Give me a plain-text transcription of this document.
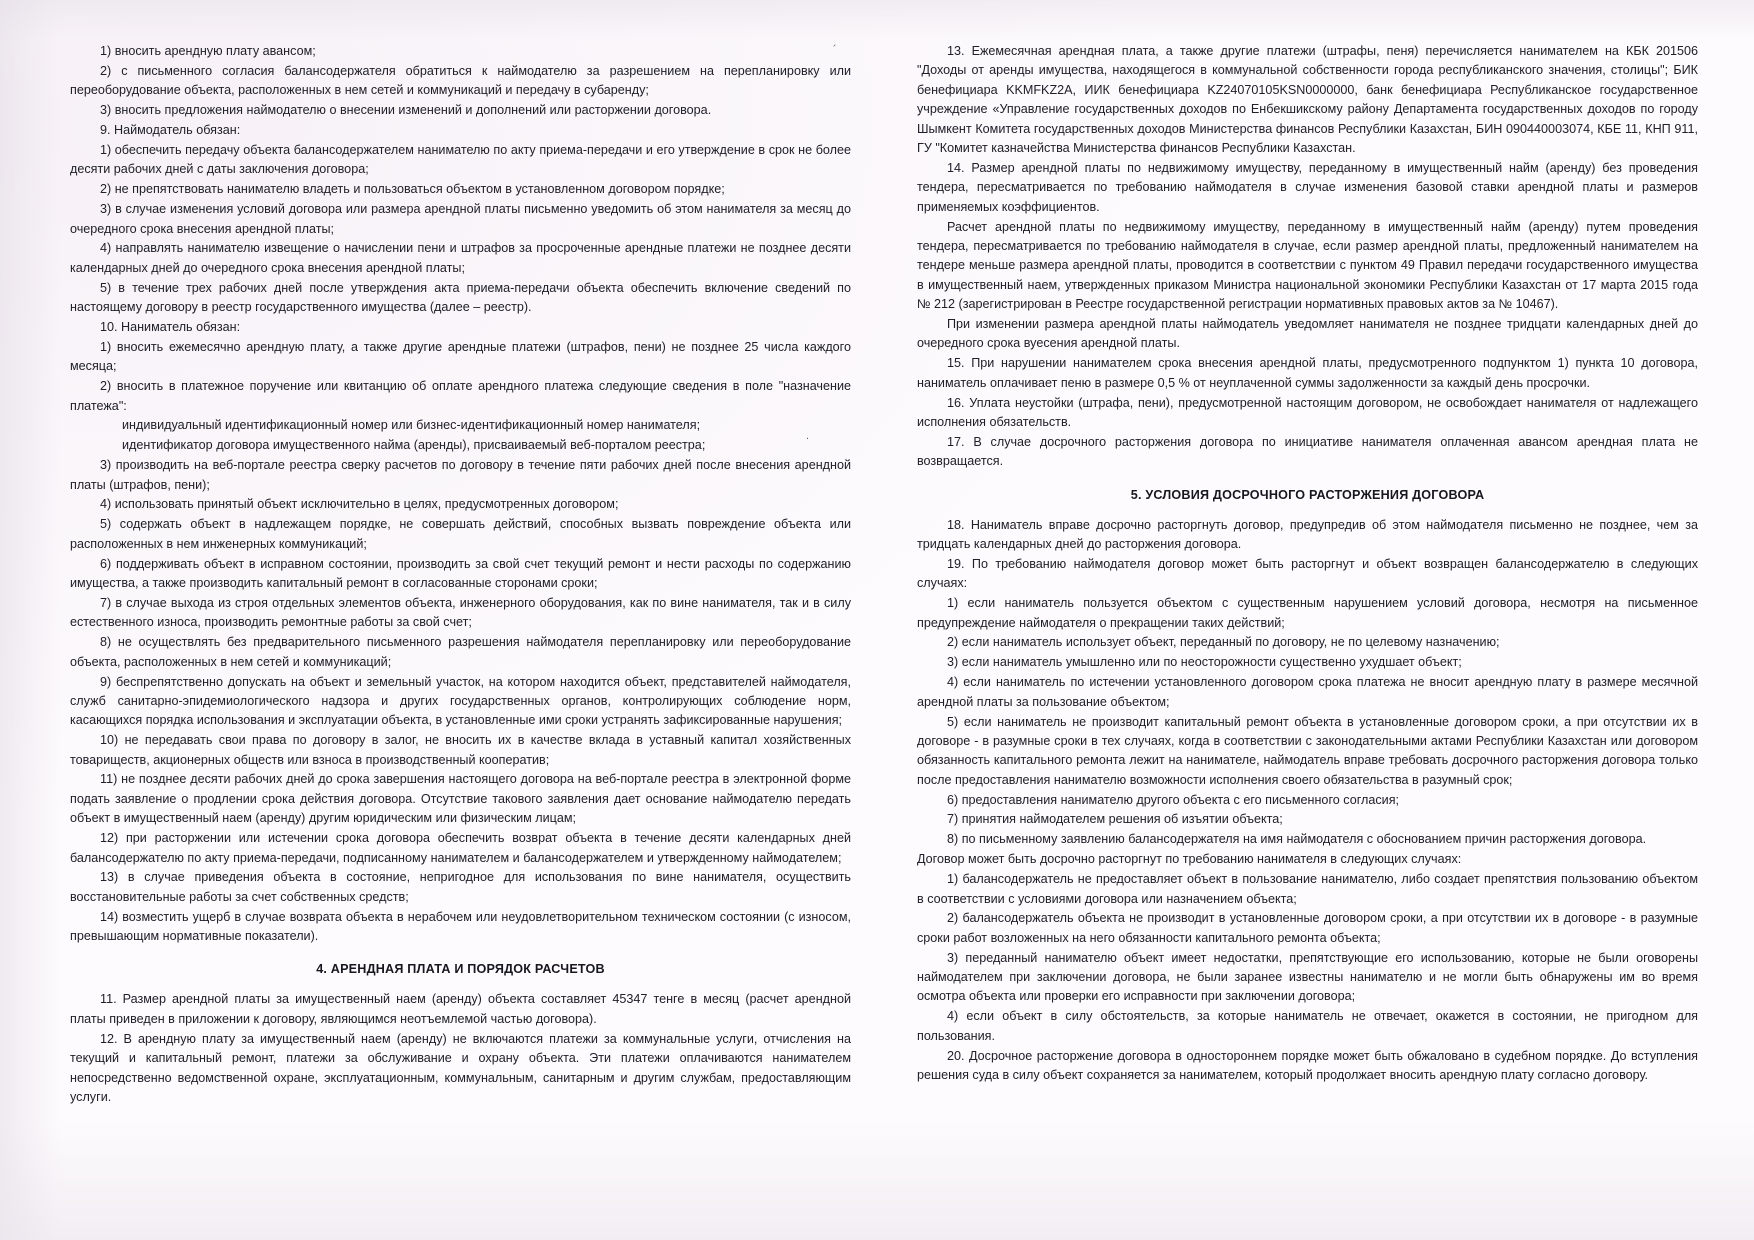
1) вносить арендную плату авансом;

2) с письменного согласия балансодержателя обратиться к наймодателю за разрешением на перепланировку или переоборудование объекта, расположенных в нем сетей и коммуникаций и передачу в субаренду;

3) вносить предложения наймодателю о внесении изменений и дополнений или расторжении договора.

9. Наймодатель обязан:

1) обеспечить передачу объекта балансодержателем нанимателю по акту приема-передачи и его утверждение в срок не более десяти рабочих дней с даты заключения договора;

2) не препятствовать нанимателю владеть и пользоваться объектом в установленном договором порядке;

3) в случае изменения условий договора или размера арендной платы письменно уведомить об этом нанимателя за месяц до очередного срока внесения арендной платы;

4) направлять нанимателю извещение о начислении пени и штрафов за просроченные арендные платежи не позднее десяти календарных дней до очередного срока внесения арендной платы;

5) в течение трех рабочих дней после утверждения акта приема-передачи объекта обеспечить включение сведений по настоящему договору в реестр государственного имущества (далее – реестр).

10. Наниматель обязан:

1) вносить ежемесячно арендную плату, а также другие арендные платежи (штрафов, пени) не позднее 25 числа каждого месяца;

2) вносить в платежное поручение или квитанцию об оплате арендного платежа следующие сведения в поле "назначение платежа":

индивидуальный идентификационный номер или бизнес-идентификационный номер нанимателя;

идентификатор договора имущественного найма (аренды), присваиваемый веб-порталом реестра;

3) производить на веб-портале реестра сверку расчетов по договору в течение пяти рабочих дней после внесения арендной платы (штрафов, пени);

4) использовать принятый объект исключительно в целях, предусмотренных договором;

5) содержать объект в надлежащем порядке, не совершать действий, способных вызвать повреждение объекта или расположенных в нем инженерных коммуникаций;

6) поддерживать объект в исправном состоянии, производить за свой счет текущий ремонт и нести расходы по содержанию имущества, а также производить капитальный ремонт в согласованные сторонами сроки;

7) в случае выхода из строя отдельных элементов объекта, инженерного оборудования, как по вине нанимателя, так и в силу естественного износа, производить ремонтные работы за свой счет;

8) не осуществлять без предварительного письменного разрешения наймодателя перепланировку или переоборудование объекта, расположенных в нем сетей и коммуникаций;

9) беспрепятственно допускать на объект и земельный участок, на котором находится объект, представителей наймодателя, служб санитарно-эпидемиологического надзора и других государственных органов, контролирующих соблюдение норм, касающихся порядка использования и эксплуатации объекта, в установленные ими сроки устранять зафиксированные нарушения;

10) не передавать свои права по договору в залог, не вносить их в качестве вклада в уставный капитал хозяйственных товариществ, акционерных обществ или взноса в производственный кооператив;

11) не позднее десяти рабочих дней до срока завершения настоящего договора на веб-портале реестра в электронной форме подать заявление о продлении срока действия договора. Отсутствие такового заявления дает основание наймодателю передать объект в имущественный наем (аренду) другим юридическим или физическим лицам;

12) при расторжении или истечении срока договора обеспечить возврат объекта в течение десяти календарных дней балансодержателю по акту приема-передачи, подписанному нанимателем и балансодержателем и утвержденному наймодателем;

13) в случае приведения объекта в состояние, непригодное для использования по вине нанимателя, осуществить восстановительные работы за счет собственных средств;

14) возместить ущерб в случае возврата объекта в нерабочем или неудовлетворительном техническом состоянии (с износом, превышающим нормативные показатели).

4. АРЕНДНАЯ ПЛАТА И ПОРЯДОК РАСЧЕТОВ

11. Размер арендной платы за имущественный наем (аренду) объекта составляет 45347 тенге в месяц (расчет арендной платы приведен в приложении к договору, являющимся неотъемлемой частью договора).

12. В арендную плату за имущественный наем (аренду) не включаются платежи за коммунальные услуги, отчисления на текущий и капитальный ремонт, платежи за обслуживание и охрану объекта. Эти платежи оплачиваются нанимателем непосредственно ведомственной охране, эксплуатационным, коммунальным, санитарным и другим службам, предоставляющим услуги.

13. Ежемесячная арендная плата, а также другие платежи (штрафы, пеня) перечисляется нанимателем на КБК 201506 "Доходы от аренды имущества, находящегося в коммунальной собственности города республиканского значения, столицы"; БИК бенефициара KKMFKZ2A, ИИК бенефициара KZ24070105KSN0000000, банк бенефициара Республиканское государственное учреждение «Управление государственных доходов по Енбекшикскому району Департамента государственных доходов по городу Шымкент Комитета государственных доходов Министерства финансов Республики Казахстан, БИН 090440003074, КБЕ 11, КНП 911, ГУ "Комитет казначейства Министерства финансов Республики Казахстан.

14. Размер арендной платы по недвижимому имуществу, переданному в имущественный найм (аренду) без проведения тендера, пересматривается по требованию наймодателя в случае изменения базовой ставки арендной платы и размеров применяемых коэффициентов.

Расчет арендной платы по недвижимому имуществу, переданному в имущественный найм (аренду) путем проведения тендера, пересматривается по требованию наймодателя в случае, если размер арендной платы, предложенный нанимателем на тендере меньше размера арендной платы, проводится в соответствии с пунктом 49 Правил передачи государственного имущества в имущественный наем, утвержденных приказом Министра национальной экономики Республики Казахстан от 17 марта 2015 года № 212 (зарегистрирован в Реестре государственной регистрации нормативных правовых актов за № 10467).

При изменении размера арендной платы наймодатель уведомляет нанимателя не позднее тридцати календарных дней до очередного срока вуесения арендной платы.

15. При нарушении нанимателем срока внесения арендной платы, предусмотренного подпунктом 1) пункта 10 договора, наниматель оплачивает пеню в размере 0,5 % от неуплаченной суммы задолженности за каждый день просрочки.

16. Уплата неустойки (штрафа, пени), предусмотренной настоящим договором, не освобождает нанимателя от надлежащего исполнения обязательств.

17. В случае досрочного расторжения договора по инициативе нанимателя оплаченная авансом арендная плата не возвращается.

5. УСЛОВИЯ ДОСРОЧНОГО РАСТОРЖЕНИЯ ДОГОВОРА

18. Наниматель вправе досрочно расторгнуть договор, предупредив об этом наймодателя письменно не позднее, чем за тридцать календарных дней до расторжения договора.

19. По требованию наймодателя договор может быть расторгнут и объект возвращен балансодержателю в следующих случаях:

1) если наниматель пользуется объектом с существенным нарушением условий договора, несмотря на письменное предупреждение наймодателя о прекращении таких действий;

2) если наниматель использует объект, переданный по договору, не по целевому назначению;

3) если наниматель умышленно или по неосторожности существенно ухудшает объект;

4) если наниматель по истечении установленного договором срока платежа не вносит арендную плату в размере месячной арендной платы за пользование объектом;

5) если наниматель не производит капитальный ремонт объекта в установленные договором сроки, а при отсутствии их в договоре - в разумные сроки в тех случаях, когда в соответствии с законодательными актами Республики Казахстан или договором обязанность капитального ремонта лежит на нанимателе, наймодатель вправе требовать досрочного расторжения договора только после предоставления нанимателю возможности исполнения своего обязательства в разумный срок;

6) предоставления нанимателю другого объекта с его письменного согласия;

7) принятия наймодателем решения об изъятии объекта;

8) по письменному заявлению балансодержателя на имя наймодателя с обоснованием причин расторжения договора.

Договор может быть досрочно расторгнут по требованию нанимателя в следующих случаях:

1) балансодержатель не предоставляет объект в пользование нанимателю, либо создает препятствия пользованию объектом в соответствии с условиями договора или назначением объекта;

2) балансодержатель объекта не производит в установленные договором сроки, а при отсутствии их в договоре - в разумные сроки работ возложенных на него обязанности капитального ремонта объекта;

3) переданный нанимателю объект имеет недостатки, препятствующие его использованию, которые не были оговорены наймодателем при заключении договора, не были заранее известны нанимателю и не могли быть обнаружены им во время осмотра объекта или проверки его исправности при заключении договора;

4) если объект в силу обстоятельств, за которые наниматель не отвечает, окажется в состоянии, не пригодном для пользования.

20. Досрочное расторжение договора в одностороннем порядке может быть обжаловано в судебном порядке. До вступления решения суда в силу объект сохраняется за нанимателем, который продолжает вносить арендную плату согласно договору.

´
.
